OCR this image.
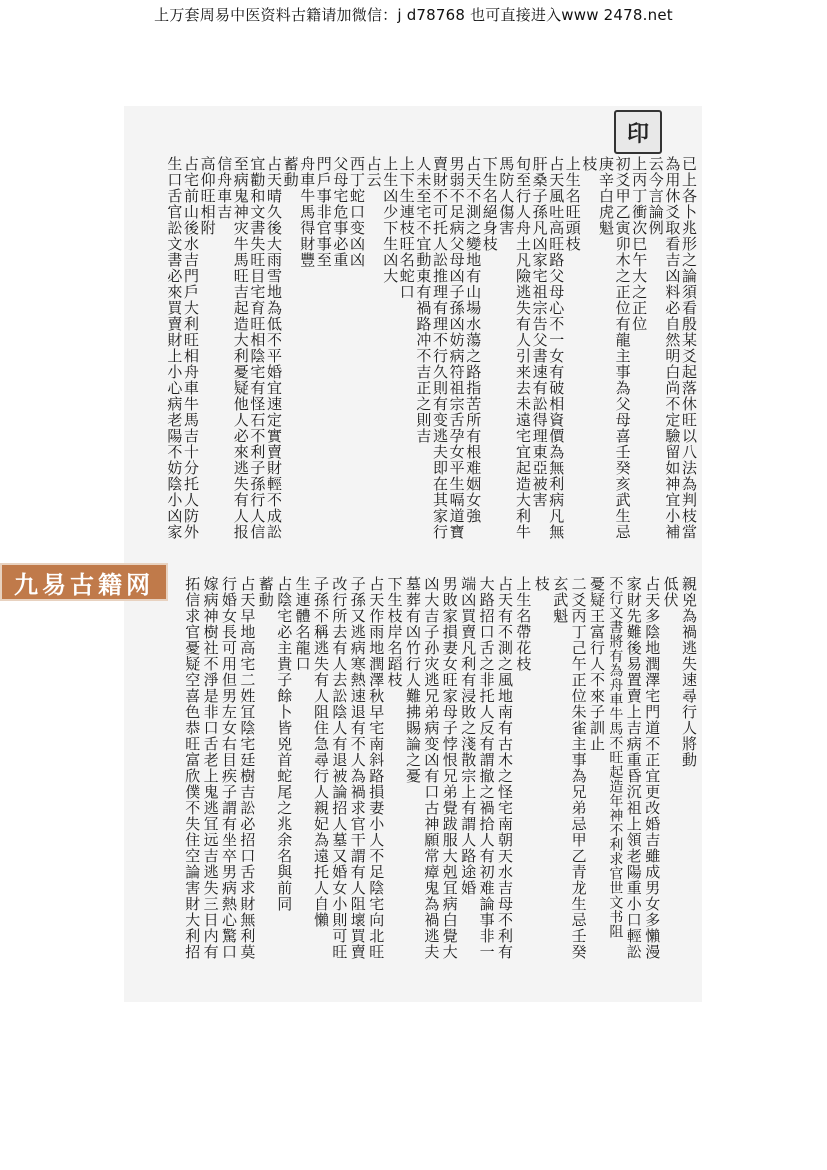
上万套周易中医资料古籍请加微信：j d78768 也可直接进入www 2478.net
印
已上各卜兆形之論須看殷某爻起落休旺以八法為判枝當
為用休爻取看吉凶料必自然明白尚不定驗留如神宜小補
云今言論例
上丙丁衝次巳午大之正位
初爻甲乙寅卯木之正位有龍主事為父母喜壬癸亥武生忌
庚辛白虎魁
枝
上生名旺頭枝
占天風吐高旺路父母心不一女有破相資價為無利病凡無
肝桑子孫凡凶家宅祖宗告父書速有訟得理東亞被害
旬至行人舟土凡險逃失有人引来去未遠宅宜起造大利牛
馬防人傷害
下生名絕身枝
占天不測之變地有山場水蕩之路指苦所有根难姻女強
男弱不足病父母凶子孫凶妨病符祖宗舌孕女平生嗝道寶
賣財不可托人訟推理有理不行久則有变逃夫即在其家行
人未至宅不宜動東有禍路冲不吉正之則吉
上下生連枝旺名蛇口
上生凶少下生凶大
占云
西丁蛇口变凶凶
父母宅危事必重
門戶事非官事至
舟車牛馬得財豐
蓄動
占天晴久後大雨雪地為低不平婚宜速定實賣財輕不成訟
宜勸和文書失旺目宅育旺相陰宅有怪石不利子孫行人信
至病鬼神灾牛馬旺吉起造大利憂疑他人必來逃失有人报
信舟車吉
高仰旺相附
占宅前山後水吉門戶大利旺相舟車牛馬吉十分托人防外
生口舌官訟文書必來買賣財上小心病老陽不妨陰小凶家
親兇為禍逃失速尋行人將動
低伏
占天多陰地潤澤宅門道不正宜更改婚吉雖成男女多懶漫
家財先難後易置賣上吉病重昏沉祖上領老陽重小口輕訟
不行文書將有為舟車牛馬不旺起造年神不利求官世文书阻
憂疑王富行人不來子訓止
二爻丙丁己午正位朱雀主事為兄弟忌甲乙青龙生忌壬癸
玄武魁
枝
上生名帶花枝
占天有不測之風地南有古木之怪宅南朝天水吉母不利有
大路招口舌之非托人反有謂撤之禍拾人有初难論事非一
端凶買賣凡利有浸敗之淺散宗上有謂人路途婚
男敗家損妻女旺家母子悖恨兄弟覺跋服大剋冝病白覺大
凶大吉子孙灾逃兄弟病变凶有口古神願常瘴鬼為禍逃夫
墓葬有凶竹行人難拂賜論之憂
下生枝岸名蹈枝
占天作雨地潤澤秋早宅南斜路損妻小人不足陰宅向北旺
子孫又逃病寒熱速退有不人為禍求官干謂有人阻壞買賣
改行所去有人去訟陰人有退被論招人墓又婚女小則可旺
子孫不稱逃失有人阻住急尋行人親妃為遠托人自懶
生連體名龍口
占陰宅必主貴子餘卜皆兇首蛇尾之兆余名與前同
蓄動
占天早地高宅二姓冝陰宅廷樹吉訟必招口舌求財無利莫
行婚女長可用但男左女右目疾子謂有坐卒男病熱心驚口
嫁病神樹社不淨是非口舌老上鬼逃冝远吉逃失三日内有
拓信求官憂疑空喜色恭旺富欣僕不失住空論害財大利招
九易古籍网
